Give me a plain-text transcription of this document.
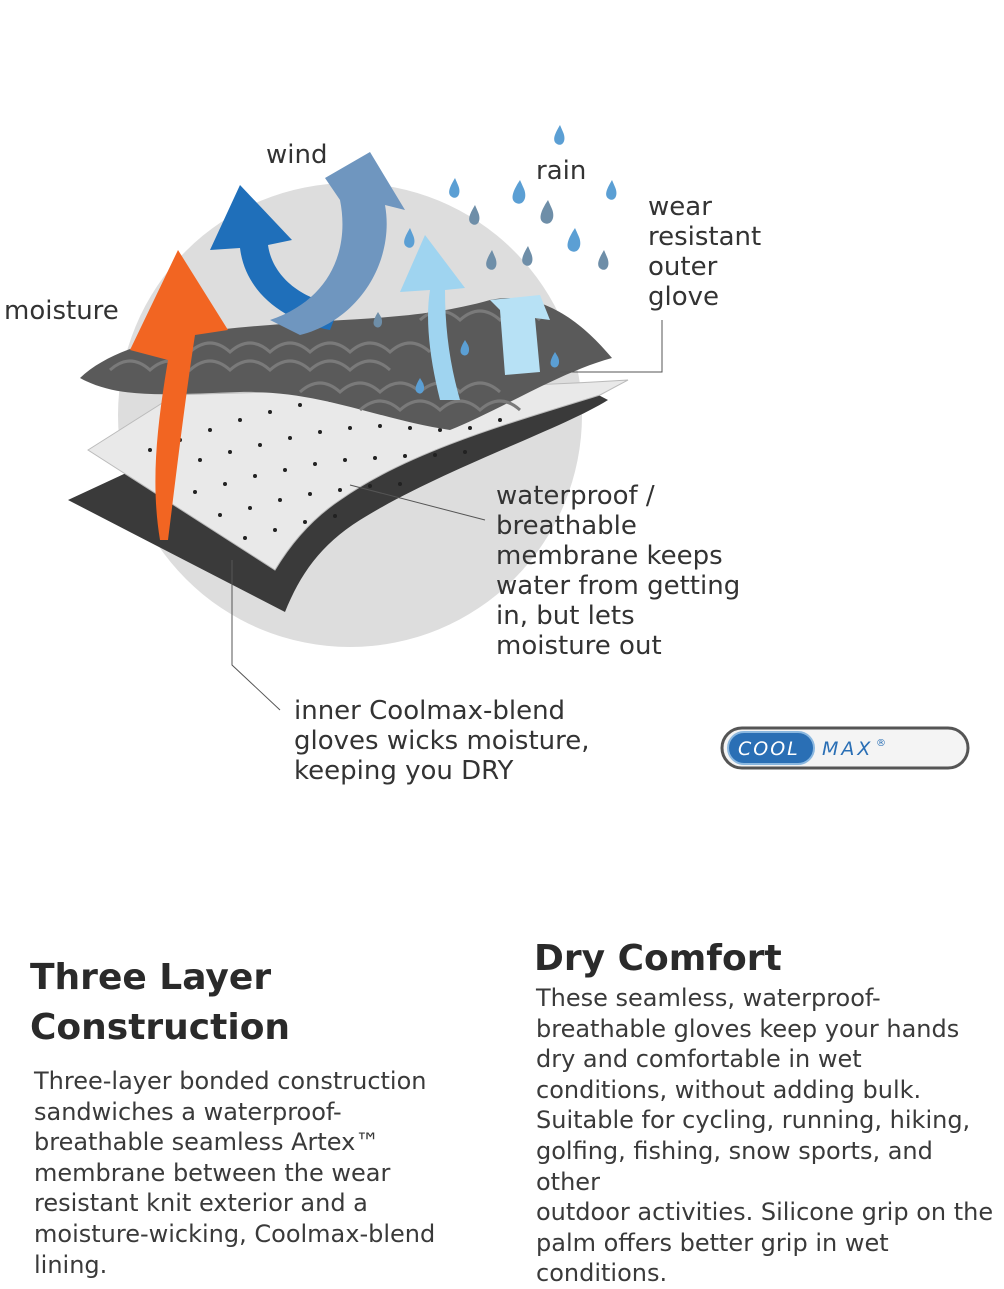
wind
rain
moisture
wear
resistant
outer
glove
waterproof /
breathable
membrane keeps
water from getting
in, but lets
moisture out
inner Coolmax-blend
gloves wicks moisture,
keeping you DRY
COOL MAX ®
Three Layer
Construction
Three-layer bonded construction
sandwiches a waterproof-
breathable seamless Artex™
membrane between the wear
resistant knit exterior and a
moisture-wicking, Coolmax-blend
lining.
Dry Comfort
These seamless, waterproof-
breathable gloves keep your hands
dry and comfortable in wet
conditions, without adding bulk.
Suitable for cycling, running, hiking,
golfing, fishing, snow sports, and other
outdoor activities. Silicone grip on the
palm offers better grip in wet
conditions.
